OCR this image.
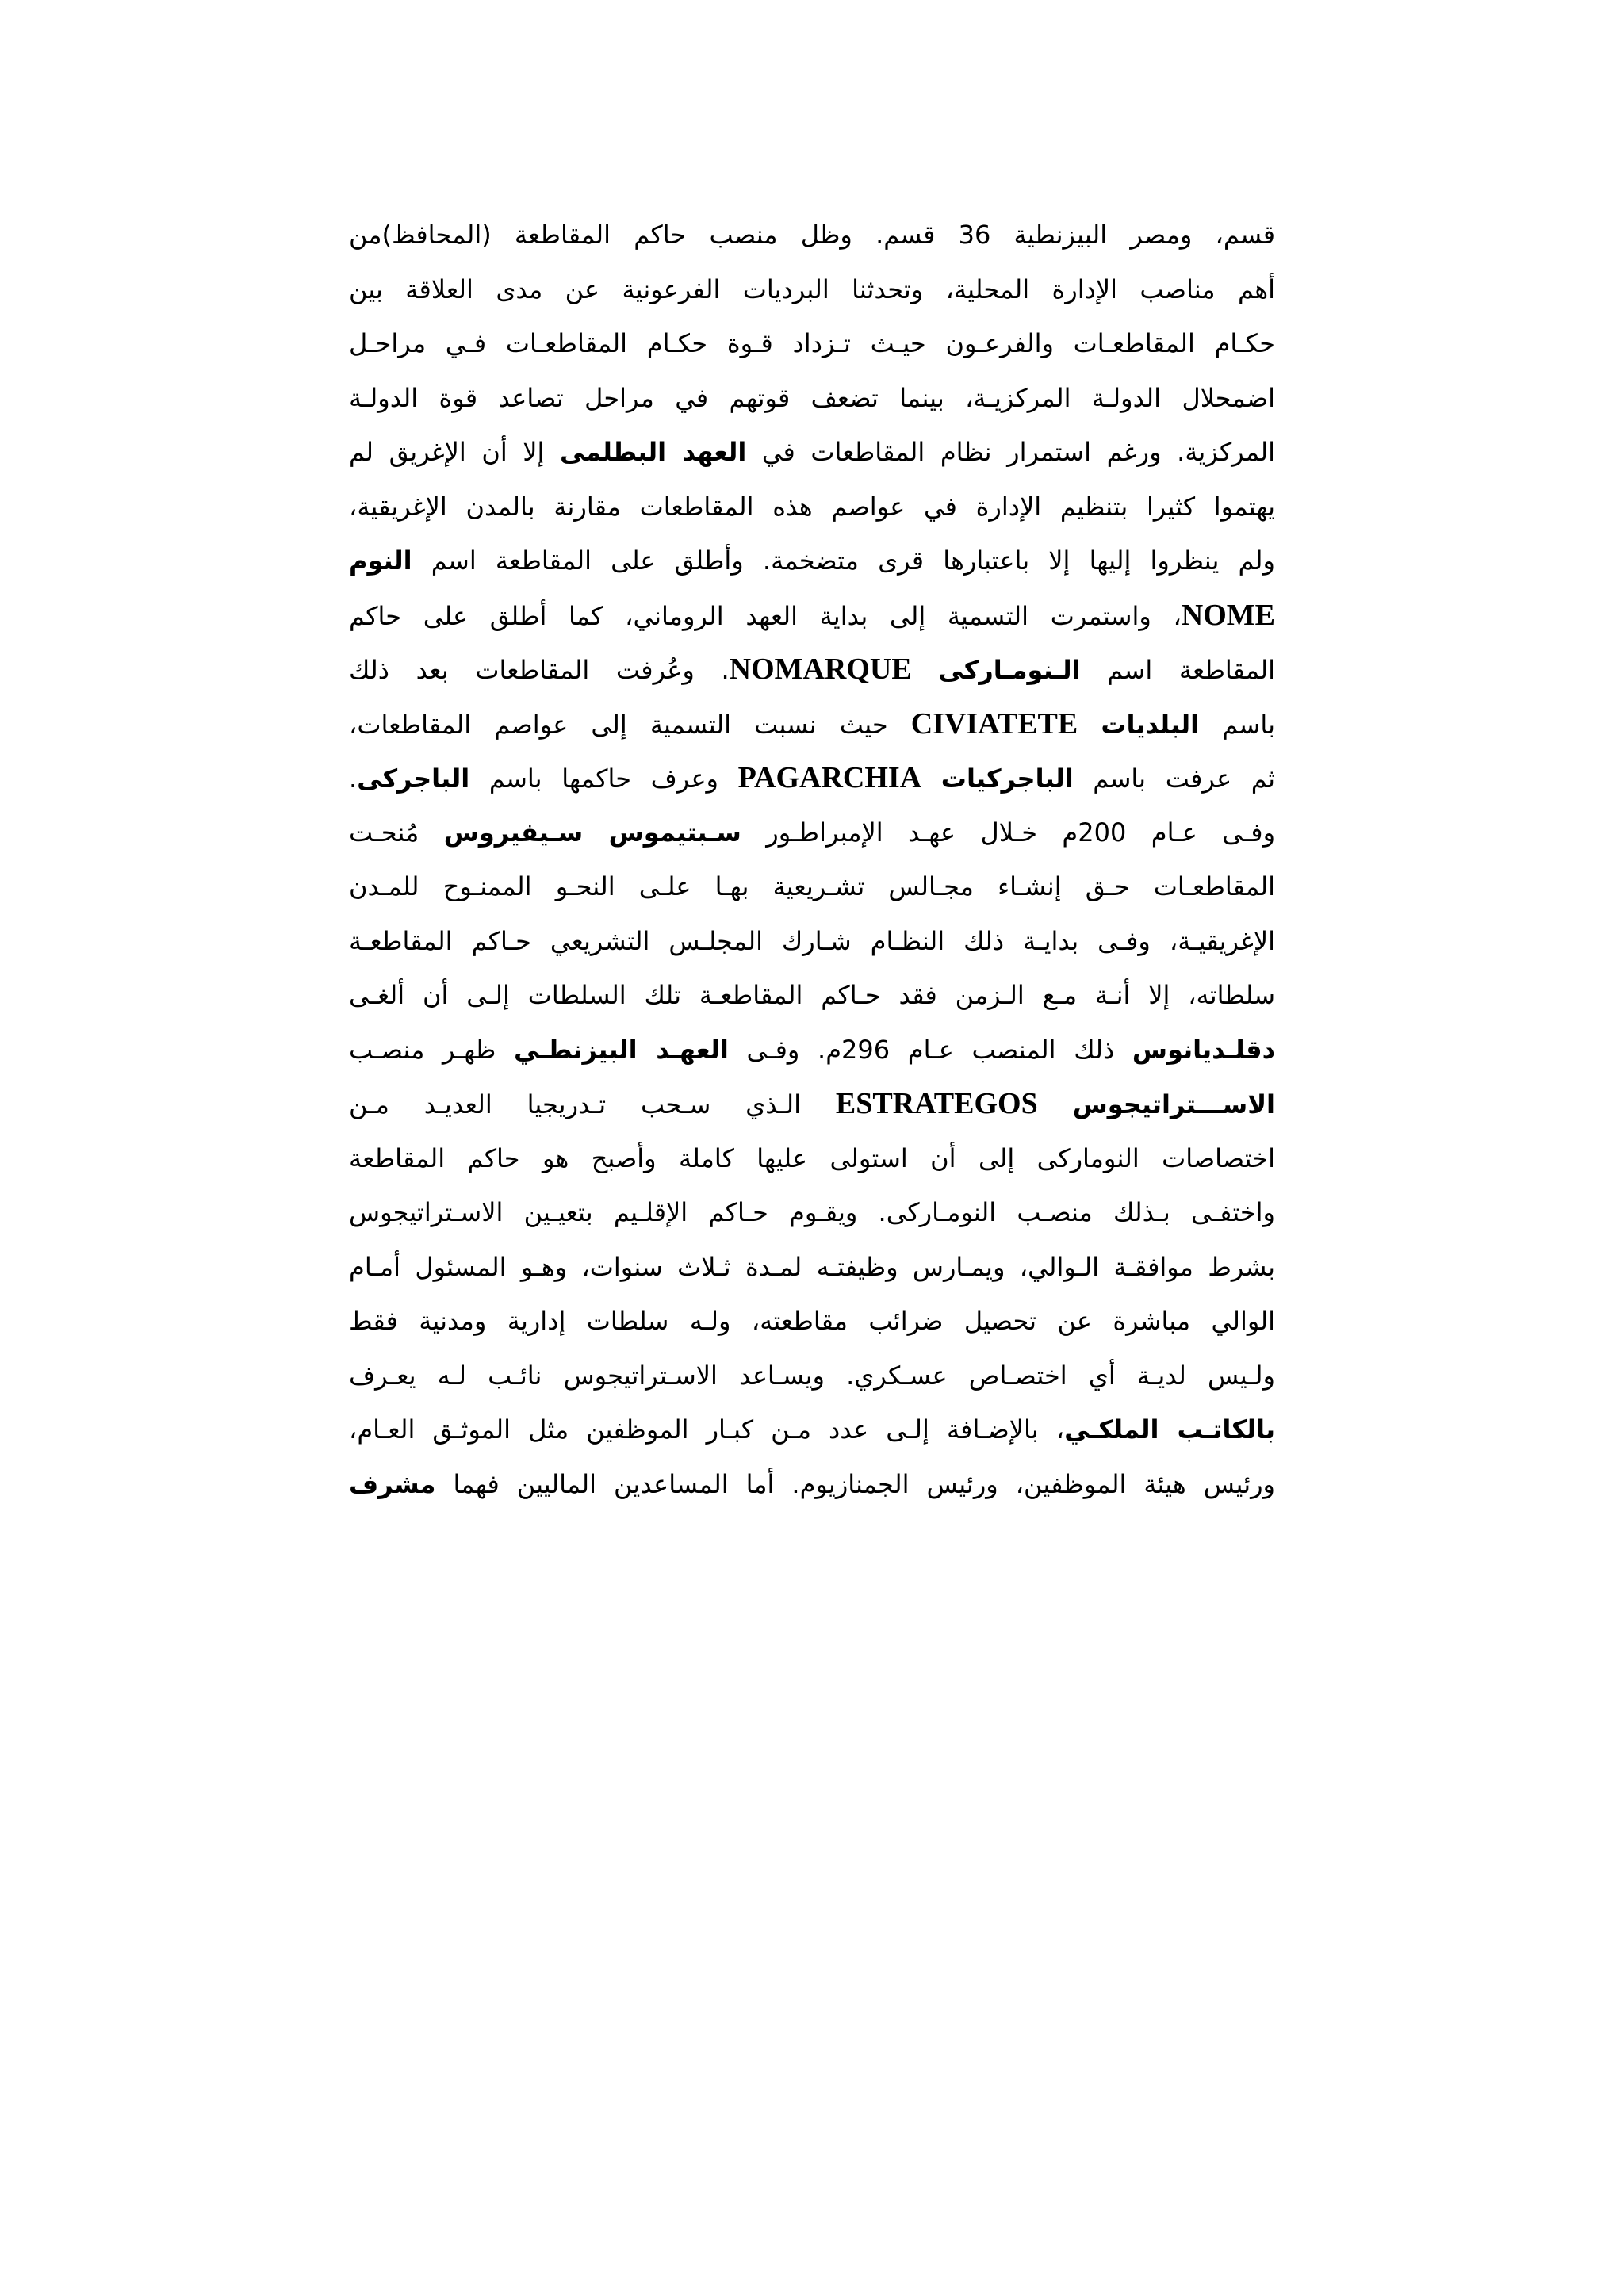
قسم، ومصر البيزنطية 36 قسم. وظل منصب حاكم المقاطعة (المحافظ)من
أهم مناصب الإدارة المحلية، وتحدثنا البرديات الفرعونية عن مدى العلاقة بين
حكـام المقاطعـات والفرعـون حيـث تـزداد قـوة حكـام المقاطعـات فـي مراحـل
اضمحلال الدولـة المركزيـة، بينما تضعف قوتهم في مراحل تصاعد قوة الدولـة
المركزية. ورغم استمرار نظام المقاطعات في العهد البطلمى إلا أن الإغريق لم
يهتموا كثيرا بتنظيم الإدارة في عواصم هذه المقاطعات مقارنة بالمدن الإغريقية،
ولم ينظروا إليها إلا باعتبارها قرى متضخمة. وأطلق على المقاطعة اسم النوم
NOME، واستمرت التسمية إلى بداية العهد الروماني، كما أطلق على حاكم
المقاطعة اسم الـنومـاركى NOMARQUE. وعُرفت المقاطعات بعد ذلك
باسم البلديات CIVIATETE حيث نسبت التسمية إلى عواصم المقاطعات،
ثم عرفت باسم الباجركيات PAGARCHIA وعرف حاكمها باسم الباجركى.
وفـى عـام 200م خـلال عهـد الإمبراطـور سـبتيموس سـيفيروس مُنحـت
المقاطعـات حـق إنشـاء مجـالس تشـريعية بهـا علـى النحـو الممنـوح للمـدن
الإغريقيـة، وفـى بدايـة ذلك النظـام شـارك المجلـس التشريعي حـاكم المقاطعـة
سلطاته، إلا أنـة مـع الـزمن فقد حـاكم المقاطعـة تلك السلطات إلـى أن ألغـى
دقلـديانوس ذلك المنصب عـام 296م. وفـى العهـد البيزنطـي ظهـر منصـب
الاســـتراتيجوس ESTRATEGOS الـذي سـحب تـدريجيا العديـد مـن
اختصاصات النوماركى إلى أن استولى عليها كاملة وأصبح هو حاكم المقاطعة
واختفـى بـذلك منصـب النومـاركى. ويقـوم حـاكم الإقلـيم بتعيـين الاسـتراتيجوس
بشرط موافقـة الـوالي، ويمـارس وظيفتـه لمـدة ثـلاث سنوات، وهـو المسئول أمـام
الوالي مباشرة عن تحصيل ضرائب مقاطعته، ولـه سلطات إدارية ومدنية فقط
ولـيس لديـة أي اختصـاص عسـكري. ويسـاعد الاسـتراتيجوس نائـب لـه يعـرف
بالكاتـب الملكـي، بالإضـافة إلـى عدد مـن كبـار الموظفين مثل الموثـق العـام،
ورئيس هيئة الموظفين، ورئيس الجمنازيوم. أما المساعدين الماليين فهما مشرف
